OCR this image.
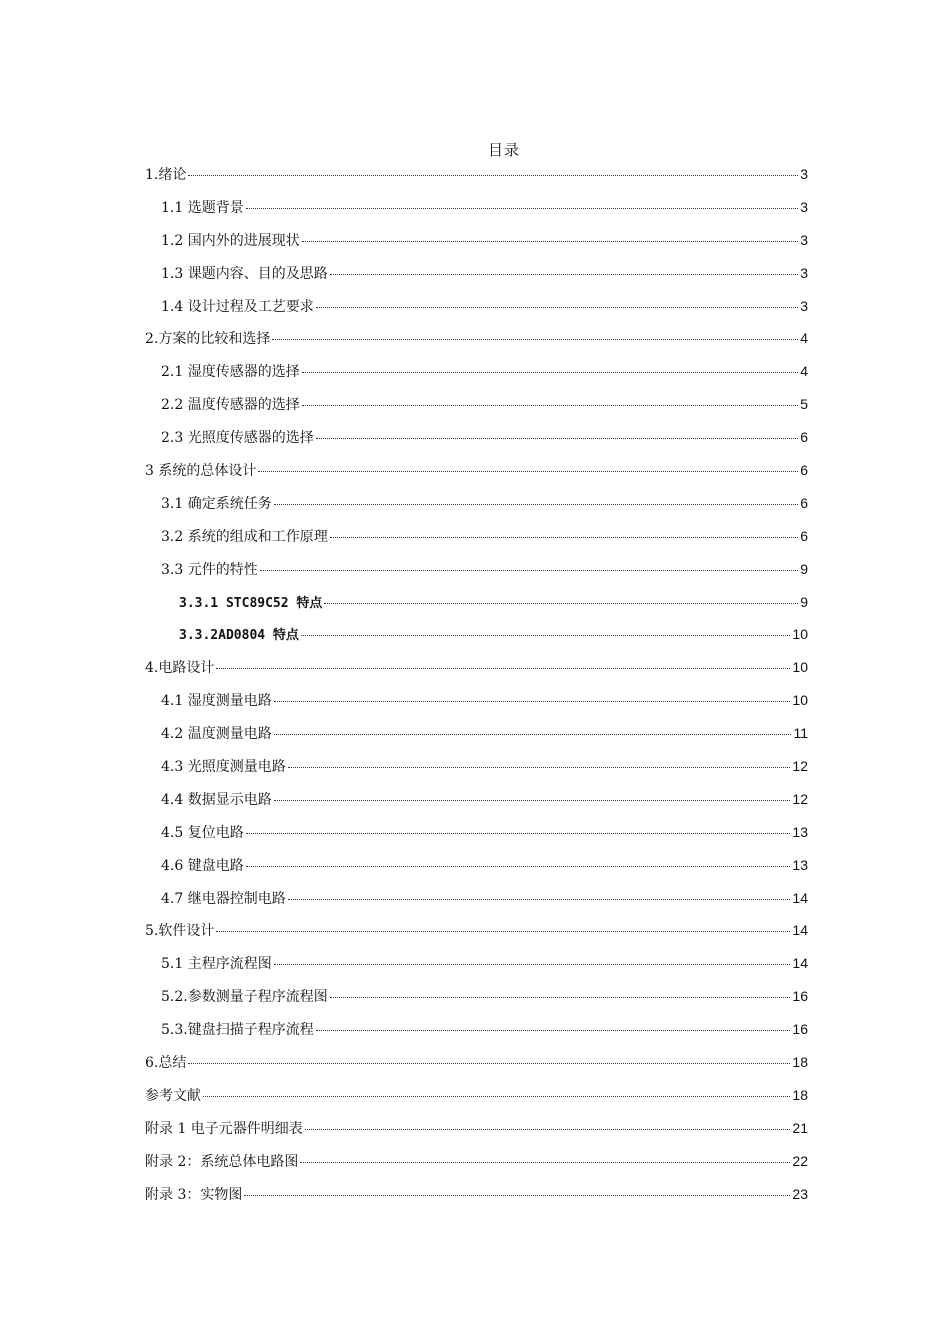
目录
1.绪论	3
1.1 选题背景	3
1.2 国内外的进展现状	3
1.3 课题内容、目的及思路	3
1.4 设计过程及工艺要求	3
2.方案的比较和选择	4
2.1 湿度传感器的选择	4
2.2 温度传感器的选择	5
2.3 光照度传感器的选择	6
3 系统的总体设计	6
3.1 确定系统任务	6
3.2 系统的组成和工作原理	6
3.3 元件的特性	9
3.3.1 STC89C52 特点	9
3.3.2AD0804 特点	10
4.电路设计	10
4.1 湿度测量电路	10
4.2 温度测量电路	11
4.3 光照度测量电路	12
4.4 数据显示电路	12
4.5 复位电路	13
4.6 键盘电路	13
4.7 继电器控制电路	14
5.软件设计	14
5.1 主程序流程图	14
5.2.参数测量子程序流程图	16
5.3.键盘扫描子程序流程	16
6.总结	18
参考文献	18
附录 1 电子元器件明细表	21
附录 2：系统总体电路图	22
附录 3：实物图	23
